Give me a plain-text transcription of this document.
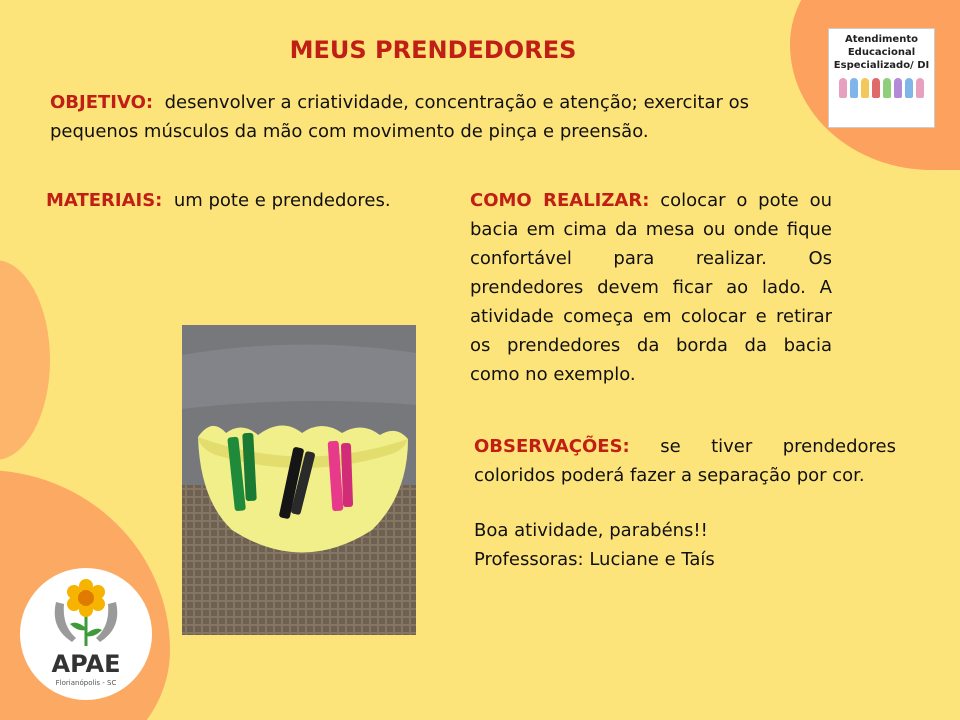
MEUS PRENDEDORES
OBJETIVO: desenvolver a criatividade, concentração e atenção; exercitar os pequenos músculos da mão com movimento de pinça e preensão.
MATERIAIS: um pote e prendedores.	COMO REALIZAR: colocar o pote ou bacia em cima da mesa ou onde fique confortável para realizar. Os prendedores devem ficar ao lado. A atividade começa em colocar e retirar os prendedores da borda da bacia como no exemplo.
OBSERVAÇÕES: se tiver prendedores coloridos poderá fazer a separação por cor.
Boa atividade, parabéns!!
Professoras: Luciane e Taís
Atendimento
Educacional
Especializado/ DI
APAE
Florianópolis - SC
